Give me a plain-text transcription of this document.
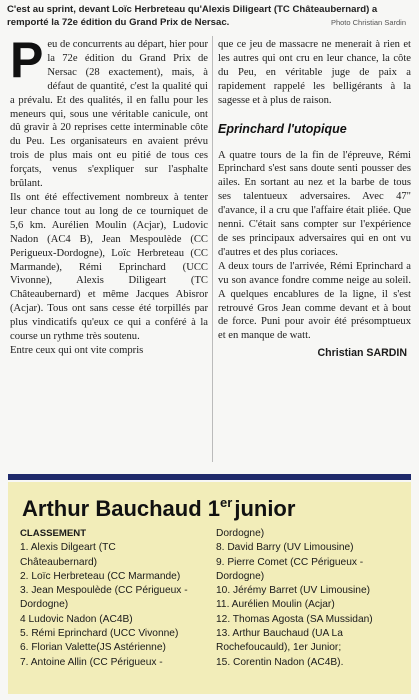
C'est au sprint, devant Loïc Herbreteau qu'Alexis Diligeart (TC Châteaubernard) a remporté la 72e édition du Grand Prix de Nersac.	Photo Christian Sardin

Peu de concurrents au départ, hier pour la 72e édition du Grand Prix de Nersac (28 exactement), mais, à défaut de quantité, c'est la qualité qui a prévalu. Et des qualités, il en fallu pour les meneurs qui, sous une véritable canicule, ont dû gravir à 20 reprises cette interminable côte du Peu. Les organisateurs en avaient prévu trois de plus mais ont eu pitié de tous ces forçats, venus s'expliquer sur l'asphalte brûlant.

Ils ont été effectivement nombreux à tenter leur chance tout au long de ce tourniquet de 5,6 km. Aurélien Moulin (Acjar), Ludovic Nadon (AC4 B), Jean Mespoulède (CC Perigueux-Dordogne), Loïc Herbreteau (CC Marmande), Rémi Eprinchard (UCC Vivonne), Alexis Diligeart (TC Châteaubernard) et même Jacques Abisror (Acjar). Tous ont sans cesse été torpillés par plus vindicatifs qu'eux ce qui a conféré à la course un rythme très soutenu.

Entre ceux qui ont vite compris

que ce jeu de massacre ne menerait à rien et les autres qui ont cru en leur chance, la côte du Peu, en véritable juge de paix a rapidement rappelé les belligérants à la sagesse et à plus de raison.

Eprinchard l'utopique

A quatre tours de la fin de l'épreuve, Rémi Eprinchard s'est sans doute senti pousser des ailes. En sortant au nez et la barbe de tous ses talentueux adversaires. Avec 47" d'avance, il a cru que l'affaire était pliée. Que nenni. C'était sans compter sur l'expérience de ses principaux adversaires qui en ont vu d'autres et des plus coriaces.

A deux tours de l'arrivée, Rémi Eprinchard a vu son avance fondre comme neige au soleil. A quelques encablures de la ligne, il s'est retrouvé Gros Jean comme devant et à bout de force. Puni pour avoir été présomptueux et en manque de watt.

Christian SARDIN
Arthur Bauchaud 1erjunior
CLASSEMENT
1. Alexis Dilgeart (TC
Châteaubernard)
2. Loïc Herbreteau (CC Marmande)
3. Jean Mespoulède (CC Périgueux -
Dordogne)
4 Ludovic Nadon (AC4B)
5. Rémi Eprinchard (UCC Vivonne)
6. Florian Valette(JS Astérienne)
7. Antoine Allin (CC Périgueux -
Dordogne)
8. David Barry (UV Limousine)
9. Pierre Comet (CC Périgueux -
Dordogne)
10. Jérémy Barret (UV Limousine)
11. Aurélien Moulin (Acjar)
12. Thomas Agosta (SA Mussidan)
13. Arthur Bauchaud (UA La
Rochefoucauld), 1er Junior;
15. Corentin Nadon (AC4B).
